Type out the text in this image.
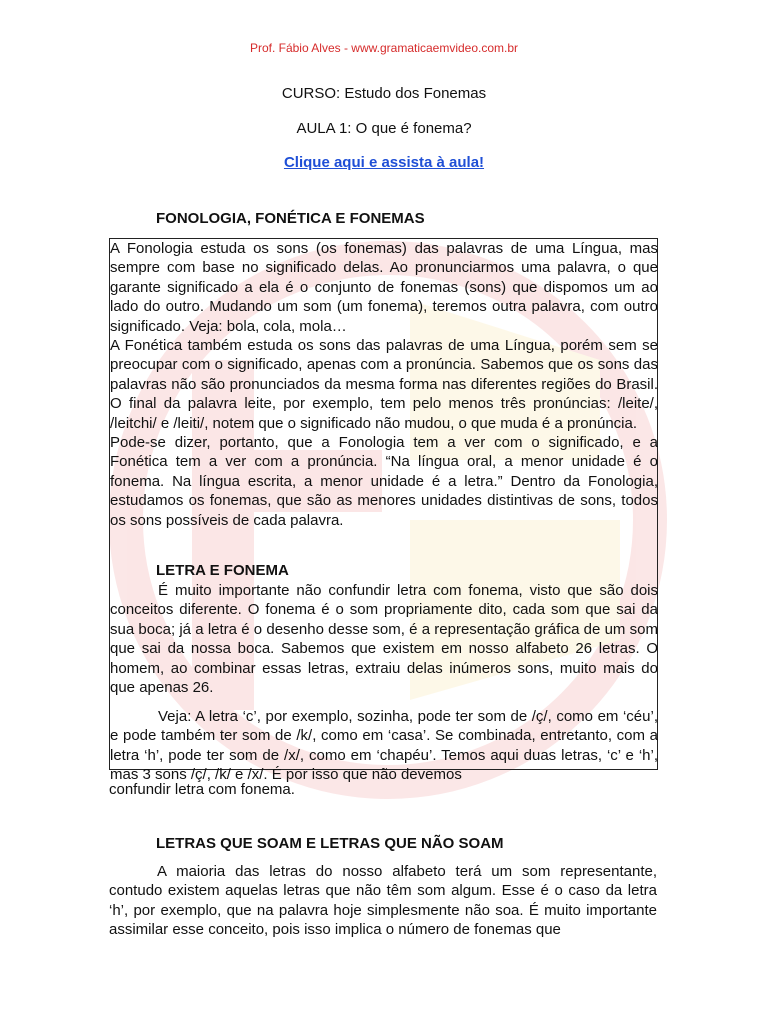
Prof. Fábio Alves - www.gramaticaemvideo.com.br
CURSO: Estudo dos Fonemas
AULA 1: O que é fonema?
Clique aqui e assista à aula!
FONOLOGIA, FONÉTICA E FONEMAS

A Fonologia estuda os sons (os fonemas) das palavras de uma Língua, mas sempre com base no significado delas. Ao pronunciarmos uma palavra, o que garante significado a ela é o conjunto de fonemas (sons) que dispomos um ao lado do outro. Mudando um som (um fonema), teremos outra palavra, com outro significado. Veja: bola, cola, mola…

A Fonética também estuda os sons das palavras de uma Língua, porém sem se preocupar com o significado, apenas com a pronúncia. Sabemos que os sons das palavras não são pronunciados da mesma forma nas diferentes regiões do Brasil. O final da palavra leite, por exemplo, tem pelo menos três pronúncias: /leite/, /leitchi/ e /leiti/, notem que o significado não mudou, o que muda é a pronúncia.

Pode-se dizer, portanto, que a Fonologia tem a ver com o significado, e a Fonética tem a ver com a pronúncia. “Na língua oral, a menor unidade é o fonema. Na língua escrita, a menor unidade é a letra.” Dentro da Fonologia, estudamos os fonemas, que são as menores unidades distintivas de sons, todos os sons possíveis de cada palavra.

É muito importante não confundir letra com fonema, visto que são dois conceitos diferente. O fonema é o som propriamente dito, cada som que sai da sua boca; já a letra é o desenho desse som, é a representação gráfica de um som que sai da nossa boca. Sabemos que existem em nosso alfabeto 26 letras. O homem, ao combinar essas letras, extraiu delas inúmeros sons, muito mais do que apenas 26.

Veja: A letra ‘c’, por exemplo, sozinha, pode ter som de /ç/, como em ‘céu’, e pode também ter som de /k/, como em ‘casa’. Se combinada, entretanto, com a letra ‘h’, pode ter som de /x/, como em ‘chapéu’. Temos aqui duas letras, ‘c’ e ‘h’, mas 3 sons /ç/, /k/ e /x/. É por isso que não devemos

LETRA E FONEMA
confundir letra com fonema.
LETRAS QUE SOAM E LETRAS QUE NÃO SOAM

A maioria das letras do nosso alfabeto terá um som representante, contudo existem aquelas letras que não têm som algum. Esse é o caso da letra ‘h’, por exemplo, que na palavra hoje simplesmente não soa. É muito importante assimilar esse conceito, pois isso implica o número de fonemas que
